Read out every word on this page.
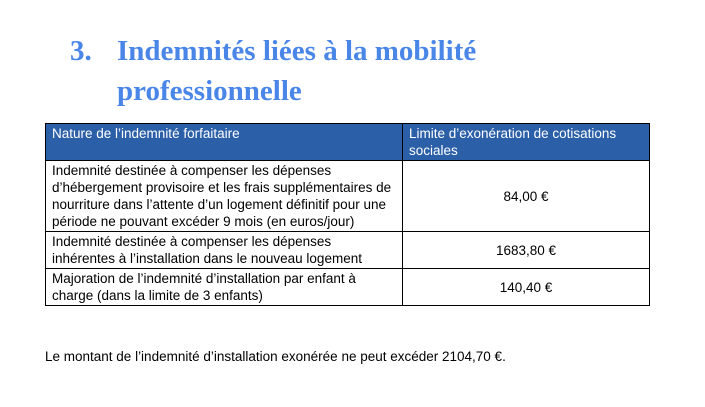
3. Indemnités liées à la mobilité
professionnelle
Nature de l’indemnité forfaitaire	Limite d’exonération de cotisations sociales
Indemnité destinée à compenser les dépenses d’hébergement provisoire et les frais supplémentaires de nourriture dans l’attente d’un logement définitif pour une période ne pouvant excéder 9 mois (en euros/jour)	84,00 €
Indemnité destinée à compenser les dépenses inhérentes à l’installation dans le nouveau logement	1683,80 €
Majoration de l’indemnité d’installation par enfant à charge (dans la limite de 3 enfants)	140,40 €

Le montant de l’indemnité d’installation exonérée ne peut excéder 2104,70 €.
